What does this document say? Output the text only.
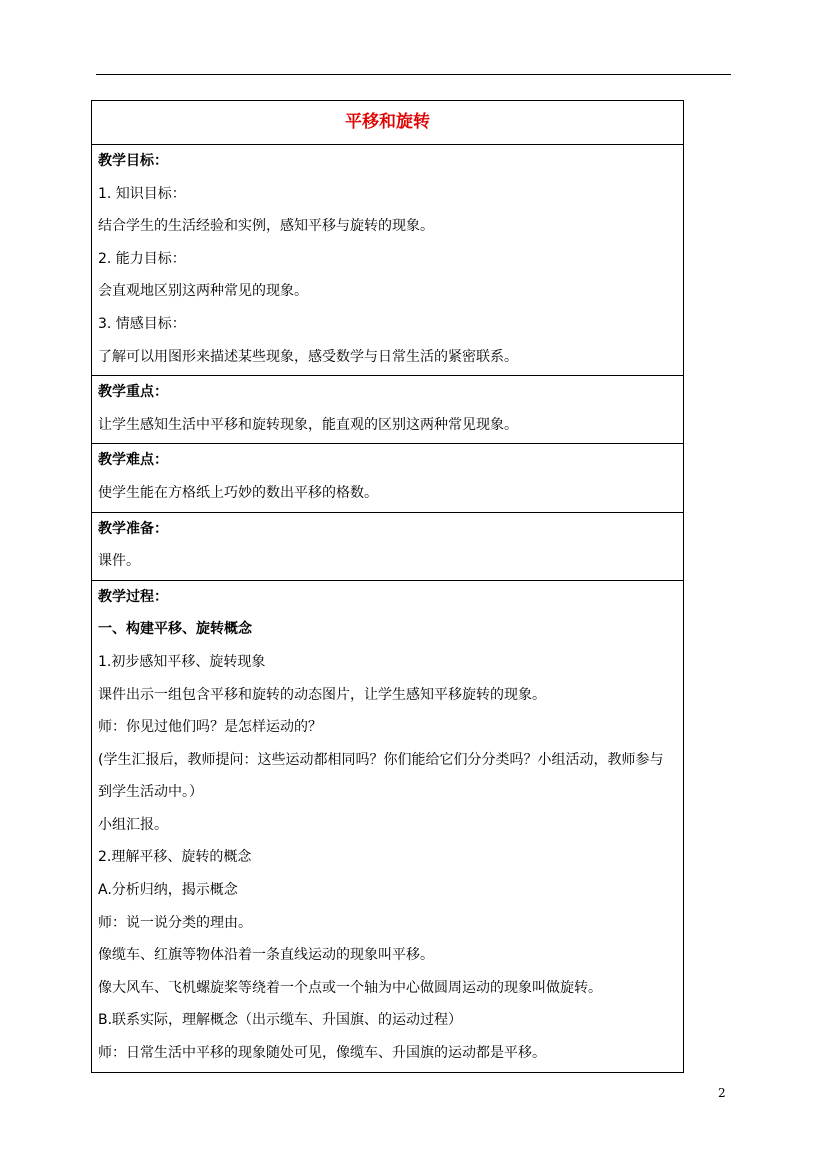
平移和旋转

教学目标：
1. 知识目标：
结合学生的生活经验和实例，感知平移与旋转的现象。
2. 能力目标：
会直观地区别这两种常见的现象。
3. 情感目标：
了解可以用图形来描述某些现象，感受数学与日常生活的紧密联系。

教学重点：
让学生感知生活中平移和旋转现象，能直观的区别这两种常见现象。

教学难点：
使学生能在方格纸上巧妙的数出平移的格数。

教学准备：
课件。

教学过程：
一、构建平移、旋转概念
1.初步感知平移、旋转现象
课件出示一组包含平移和旋转的动态图片，让学生感知平移旋转的现象。
师：你见过他们吗？是怎样运动的？
(学生汇报后，教师提问：这些运动都相同吗？你们能给它们分分类吗？小组活动，教师参与到学生活动中。）
小组汇报。
2.理解平移、旋转的概念
A.分析归纳，揭示概念
师：说一说分类的理由。
像缆车、红旗等物体沿着一条直线运动的现象叫平移。
像大风车、飞机螺旋桨等绕着一个点或一个轴为中心做圆周运动的现象叫做旋转。
B.联系实际，理解概念（出示缆车、升国旗、的运动过程）
师：日常生活中平移的现象随处可见，像缆车、升国旗的运动都是平移。
2
